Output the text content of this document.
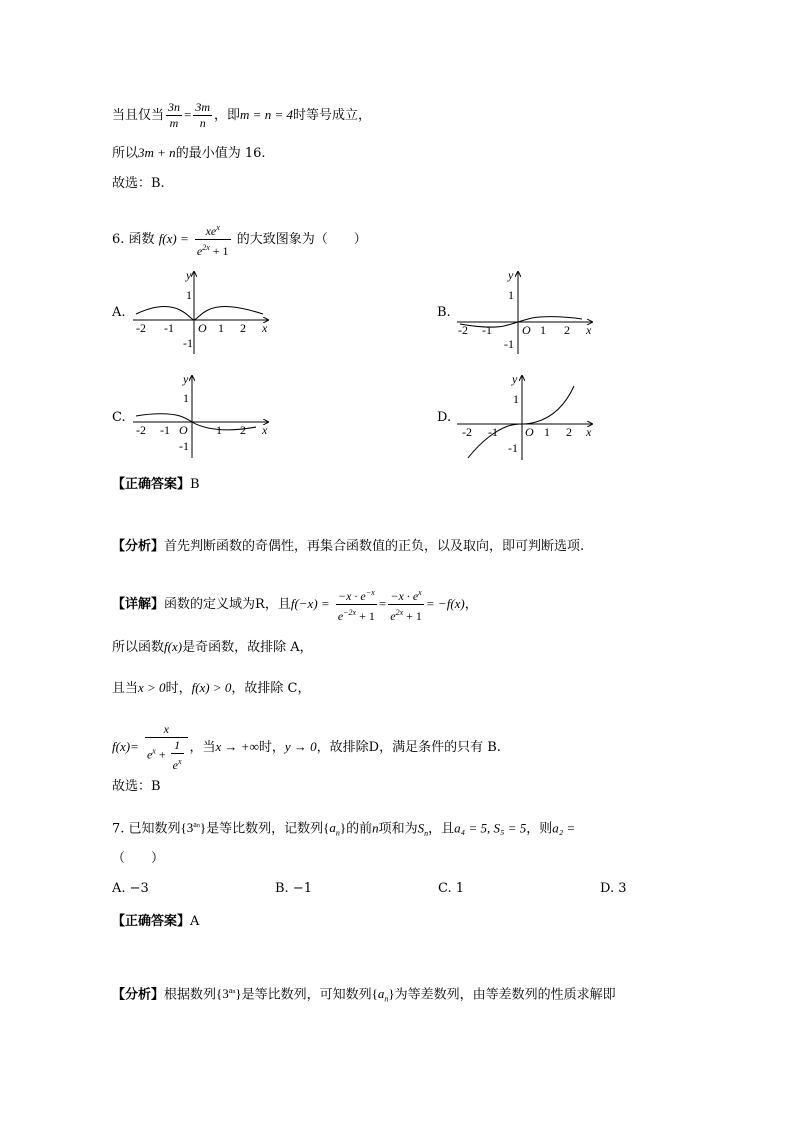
当且仅当 $\frac{3n}{m} = \frac{3m}{n}$ ，即m = n = 4时等号成立，
所以3m + n的最小值为 16.
故选：B.
6. 函数 $f(x) = \frac{xe^x}{e^{2x} + 1}$ 的大致图象为（　　）
A.
-2 -1 O 1 2 x
y
1
-1
B.
-2 -1	O 1 2 x
y
1
-1
C.
-2 -1 O 1 2 x
y
1
-1
D.
-2 -1 O 1 2 x
y
1
-1
【正确答案】B
【分析】首先判断函数的奇偶性，再集合函数值的正负，以及取向，即可判断选项.
【详解】函数的定义域为R，且$f(-x) = \frac{-x \cdot e^{-x}}{e^{-2x} + 1} = \frac{-x \cdot e^x}{e^{2x} + 1} = -f(x)$，
所以函数f(x)是奇函数，故排除 A，
且当x > 0时，f(x) > 0，故排除 C，
$f(x)= \frac{x}{e^x + \frac{1}{e^x}}$ ，当x → +∞时，y → 0，故排除D，满足条件的只有 B.
故选：B
7. 已知数列$\{3^{an}\}$是等比数列，记数列$\{a_n\}$的前n项和为$S_n$，且a₄ = 5, S₅ = 5，则a₂ =
（　　）
A. −3	B. −1	C. 1	D. 3
【正确答案】A
【分析】根据数列$\{3^{an}\}$是等比数列，可知数列$\{a_n\}$为等差数列，由等差数列的性质求解即
